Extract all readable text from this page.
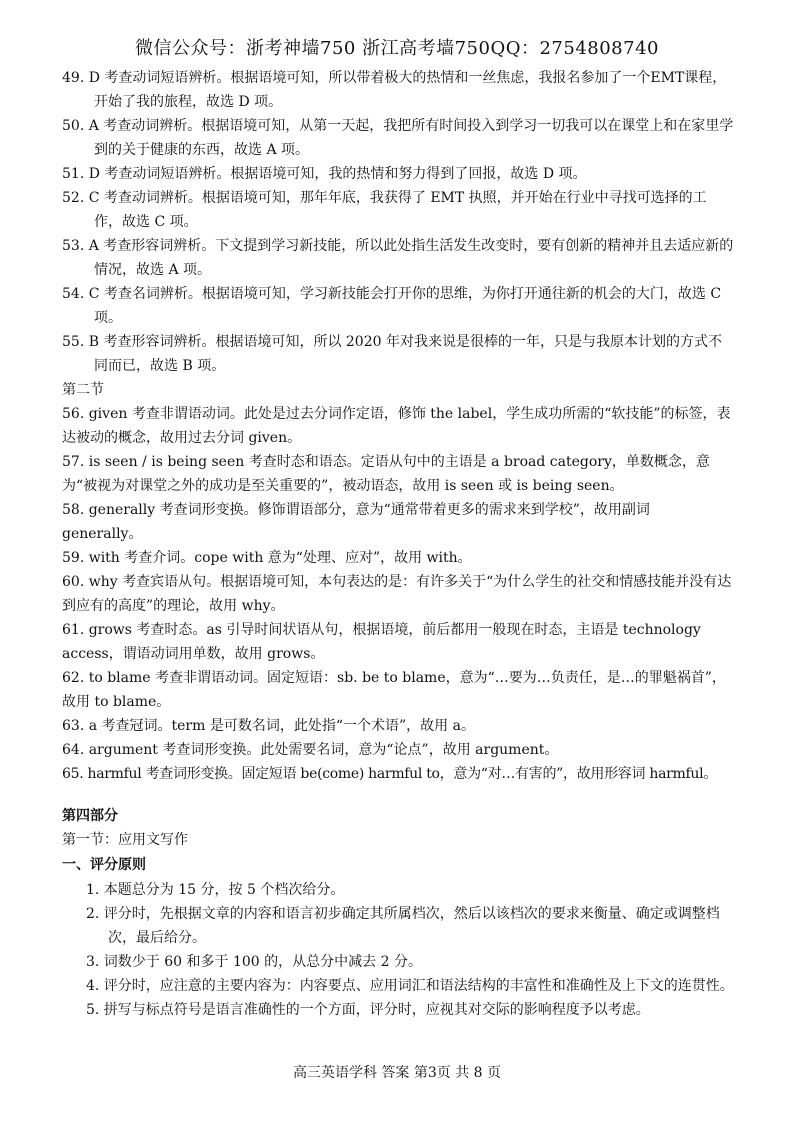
微信公众号：浙考神墙750 浙江高考墙750QQ：2754808740
49. D 考查动词短语辨析。根据语境可知，所以带着极大的热情和一丝焦虑，我报名参加了一个EMT课程，开始了我的旅程，故选 D 项。
50. A 考查动词辨析。根据语境可知，从第一天起，我把所有时间投入到学习一切我可以在课堂上和在家里学到的关于健康的东西，故选 A 项。
51. D 考查动词短语辨析。根据语境可知，我的热情和努力得到了回报，故选 D 项。
52. C 考查动词辨析。根据语境可知，那年年底，我获得了 EMT 执照，并开始在行业中寻找可选择的工作，故选 C 项。
53. A 考查形容词辨析。下文提到学习新技能，所以此处指生活发生改变时，要有创新的精神并且去适应新的情况，故选 A 项。
54. C 考查名词辨析。根据语境可知，学习新技能会打开你的思维，为你打开通往新的机会的大门，故选 C 项。
55. B 考查形容词辨析。根据语境可知，所以 2020 年对我来说是很棒的一年，只是与我原本计划的方式不同而已，故选 B 项。
第二节
56. given 考查非谓语动词。此处是过去分词作定语，修饰 the label，学生成功所需的“软技能”的标签，表达被动的概念，故用过去分词 given。
57. is seen / is being seen 考查时态和语态。定语从句中的主语是 a broad category，单数概念，意为“被视为对课堂之外的成功是至关重要的”，被动语态，故用 is seen 或 is being seen。
58. generally 考查词形变换。修饰谓语部分，意为“通常带着更多的需求来到学校”，故用副词 generally。
59. with 考查介词。cope with 意为“处理、应对”，故用 with。
60. why 考查宾语从句。根据语境可知，本句表达的是：有许多关于“为什么学生的社交和情感技能并没有达到应有的高度”的理论，故用 why。
61. grows 考查时态。as 引导时间状语从句，根据语境，前后都用一般现在时态，主语是 technology access，谓语动词用单数，故用 grows。
62. to blame 考查非谓语动词。固定短语：sb. be to blame，意为“…要为…负责任，是…的罪魁祸首”，故用 to blame。
63. a 考查冠词。term 是可数名词，此处指“一个术语”，故用 a。
64. argument 考查词形变换。此处需要名词，意为“论点”，故用 argument。
65. harmful 考查词形变换。固定短语 be(come) harmful to，意为“对…有害的”，故用形容词 harmful。
第四部分
第一节：应用文写作
一、评分原则
1. 本题总分为 15 分，按 5 个档次给分。
2. 评分时，先根据文章的内容和语言初步确定其所属档次，然后以该档次的要求来衡量、确定或调整档次，最后给分。
3. 词数少于 60 和多于 100 的，从总分中减去 2 分。
4. 评分时，应注意的主要内容为：内容要点、应用词汇和语法结构的丰富性和准确性及上下文的连贯性。
5. 拼写与标点符号是语言准确性的一个方面，评分时，应视其对交际的影响程度予以考虑。
高三英语学科 答案 第3页 共 8 页
